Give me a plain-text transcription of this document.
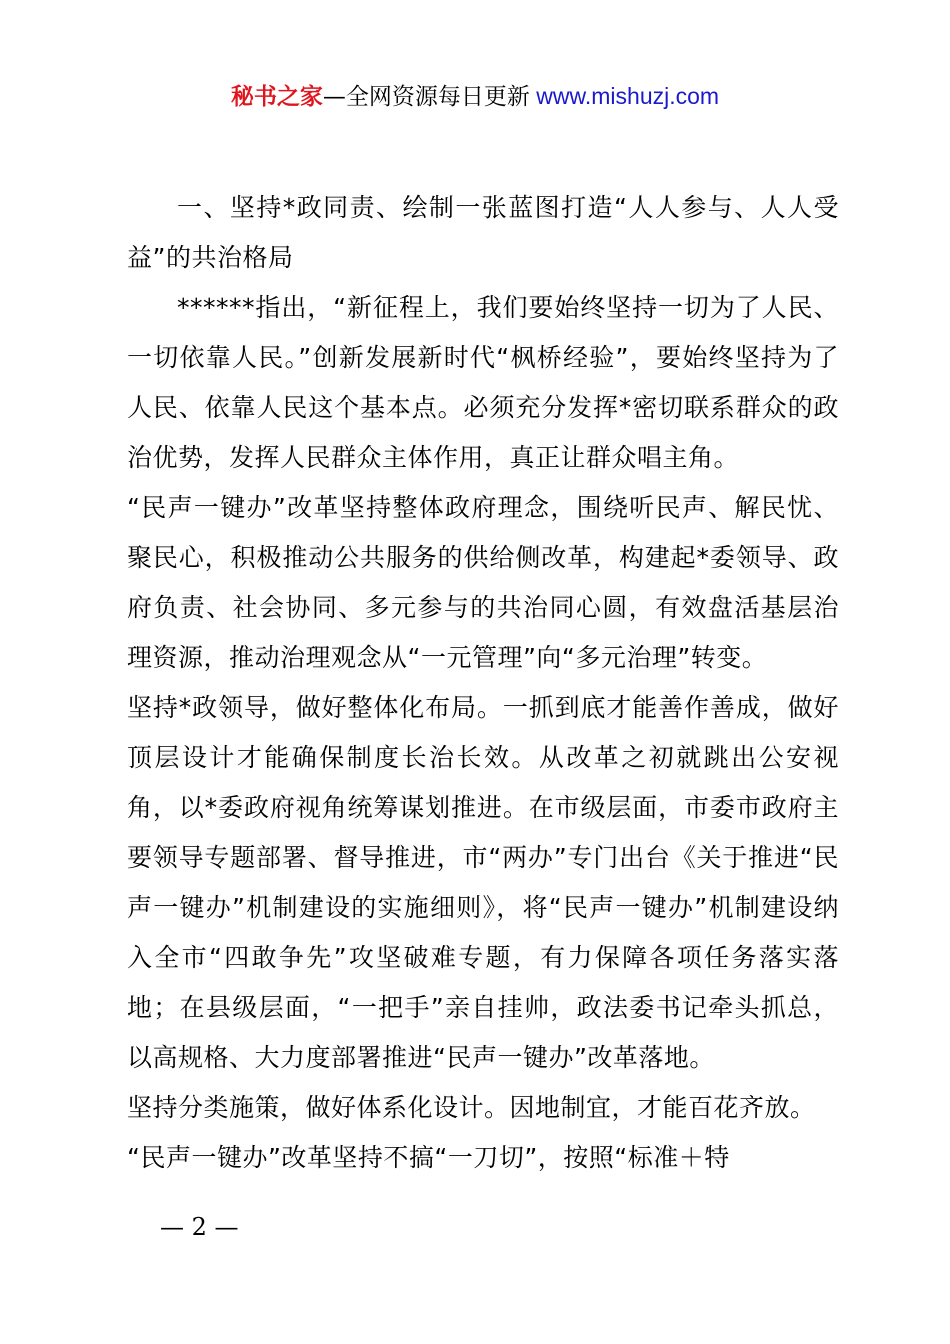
秘书之家—全网资源每日更新 www.mishuzj.com

一、坚持*政同责、绘制一张蓝图打造“人人参与、人人受益”的共治格局

******指出，“新征程上，我们要始终坚持一切为了人民、一切依靠人民。”创新发展新时代“枫桥经验”，要始终坚持为了人民、依靠人民这个基本点。必须充分发挥*密切联系群众的政治优势，发挥人民群众主体作用，真正让群众唱主角。

“民声一键办”改革坚持整体政府理念，围绕听民声、解民忧、聚民心，积极推动公共服务的供给侧改革，构建起*委领导、政府负责、社会协同、多元参与的共治同心圆，有效盘活基层治理资源，推动治理观念从“一元管理”向“多元治理”转变。

坚持*政领导，做好整体化布局。一抓到底才能善作善成，做好顶层设计才能确保制度长治长效。从改革之初就跳出公安视角，以*委政府视角统筹谋划推进。在市级层面，市委市政府主要领导专题部署、督导推进，市“两办”专门出台《关于推进“民声一键办”机制建设的实施细则》，将“民声一键办”机制建设纳入全市“四敢争先”攻坚破难专题，有力保障各项任务落实落地；在县级层面，“一把手”亲自挂帅，政法委书记牵头抓总，以高规格、大力度部署推进“民声一键办”改革落地。

坚持分类施策，做好体系化设计。因地制宜，才能百花齐放。

“民声一键办”改革坚持不搞“一刀切”，按照“标准＋特

— 2 —
